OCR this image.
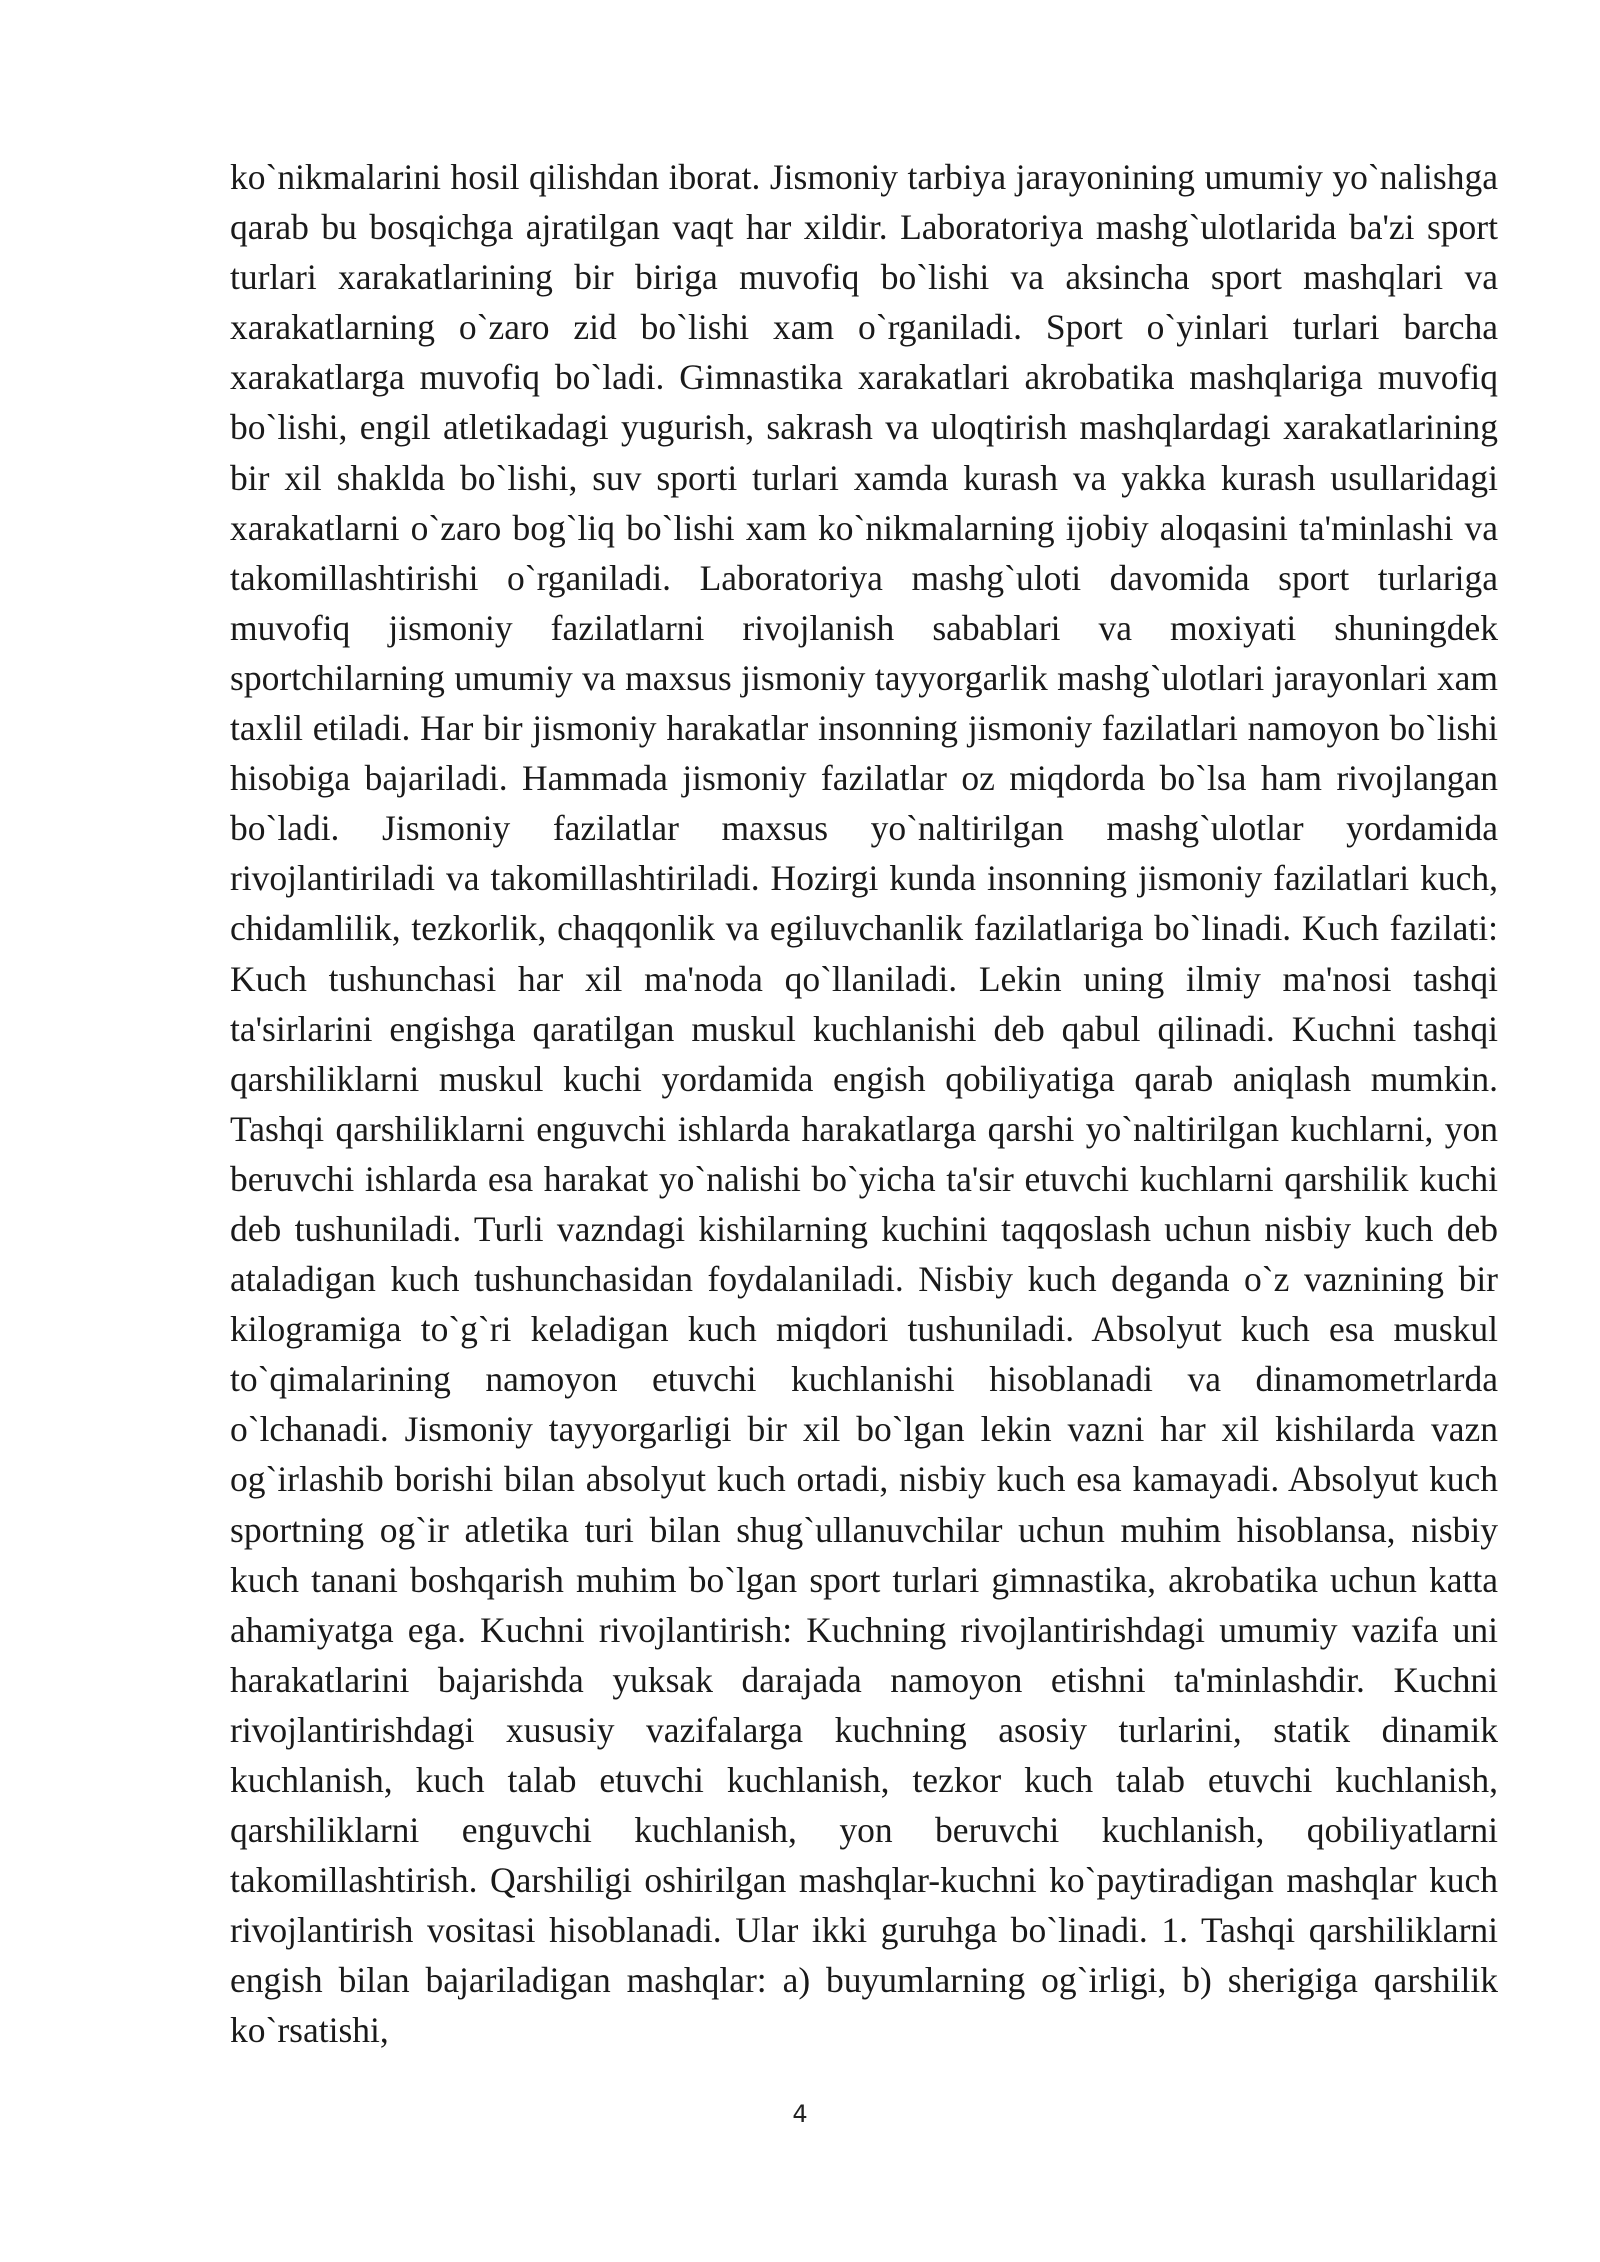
ko`nikmalarini hosil qilishdan iborat. Jismoniy tarbiya jarayonining umumiy yo`nalishga qarab bu bosqichga ajratilgan vaqt har xildir. Laboratoriya mashg`ulotlarida ba'zi sport turlari xarakatlarining bir biriga muvofiq bo`lishi va aksincha sport mashqlari va xarakatlarning o`zaro zid bo`lishi xam o`rganiladi. Sport o`yinlari turlari barcha xarakatlarga muvofiq bo`ladi. Gimnastika xarakatlari akrobatika mashqlariga muvofiq bo`lishi, engil atletikadagi yugurish, sakrash va uloqtirish mashqlardagi xarakatlarining bir xil shaklda bo`lishi, suv sporti turlari xamda kurash va yakka kurash usullaridagi xarakatlarni o`zaro bog`liq bo`lishi xam ko`nikmalarning ijobiy aloqasini ta'minlashi va takomillashtirishi o`rganiladi. Laboratoriya mashg`uloti davomida sport turlariga muvofiq jismoniy fazilatlarni rivojlanish sabablari va moxiyati shuningdek sportchilarning umumiy va maxsus jismoniy tayyorgarlik mashg`ulotlari jarayonlari xam taxlil etiladi. Har bir jismoniy harakatlar insonning jismoniy fazilatlari namoyon bo`lishi hisobiga bajariladi. Hammada jismoniy fazilatlar oz miqdorda bo`lsa ham rivojlangan bo`ladi. Jismoniy fazilatlar maxsus yo`naltirilgan mashg`ulotlar yordamida rivojlantiriladi va takomillashtiriladi. Hozirgi kunda insonning jismoniy fazilatlari kuch, chidamlilik, tezkorlik, chaqqonlik va egiluvchanlik fazilatlariga bo`linadi. Kuch fazilati: Kuch tushunchasi har xil ma'noda qo`llaniladi. Lekin uning ilmiy ma'nosi tashqi ta'sirlarini engishga qaratilgan muskul kuchlanishi deb qabul qilinadi. Kuchni tashqi qarshiliklarni muskul kuchi yordamida engish qobiliyatiga qarab aniqlash mumkin. Tashqi qarshiliklarni enguvchi ishlarda harakatlarga qarshi yo`naltirilgan kuchlarni, yon beruvchi ishlarda esa harakat yo`nalishi bo`yicha ta'sir etuvchi kuchlarni qarshilik kuchi deb tushuniladi. Turli vazndagi kishilarning kuchini taqqoslash uchun nisbiy kuch deb ataladigan kuch tushunchasidan foydalaniladi. Nisbiy kuch deganda o`z vaznining bir kilogramiga to`g`ri keladigan kuch miqdori tushuniladi. Absolyut kuch esa muskul to`qimalarining namoyon etuvchi kuchlanishi hisoblanadi va dinamometrlarda o`lchanadi. Jismoniy tayyorgarligi bir xil bo`lgan lekin vazni har xil kishilarda vazn og`irlashib borishi bilan absolyut kuch ortadi, nisbiy kuch esa kamayadi. Absolyut kuch sportning og`ir atletika turi bilan shug`ullanuvchilar uchun muhim hisoblansa, nisbiy kuch tanani boshqarish muhim bo`lgan sport turlari gimnastika, akrobatika uchun katta ahamiyatga ega. Kuchni rivojlantirish: Kuchning rivojlantirishdagi umumiy vazifa uni harakatlarini bajarishda yuksak darajada namoyon etishni ta'minlashdir. Kuchni rivojlantirishdagi xususiy vazifalarga kuchning asosiy turlarini, statik dinamik kuchlanish, kuch talab etuvchi kuchlanish, tezkor kuch talab etuvchi kuchlanish, qarshiliklarni enguvchi kuchlanish, yon beruvchi kuchlanish, qobiliyatlarni takomillashtirish. Qarshiligi oshirilgan mashqlar-kuchni ko`paytiradigan mashqlar kuch rivojlantirish vositasi hisoblanadi. Ular ikki guruhga bo`linadi. 1. Tashqi qarshiliklarni engish bilan bajariladigan mashqlar: a) buyumlarning og`irligi, b) sherigiga qarshilik ko`rsatishi,

4
